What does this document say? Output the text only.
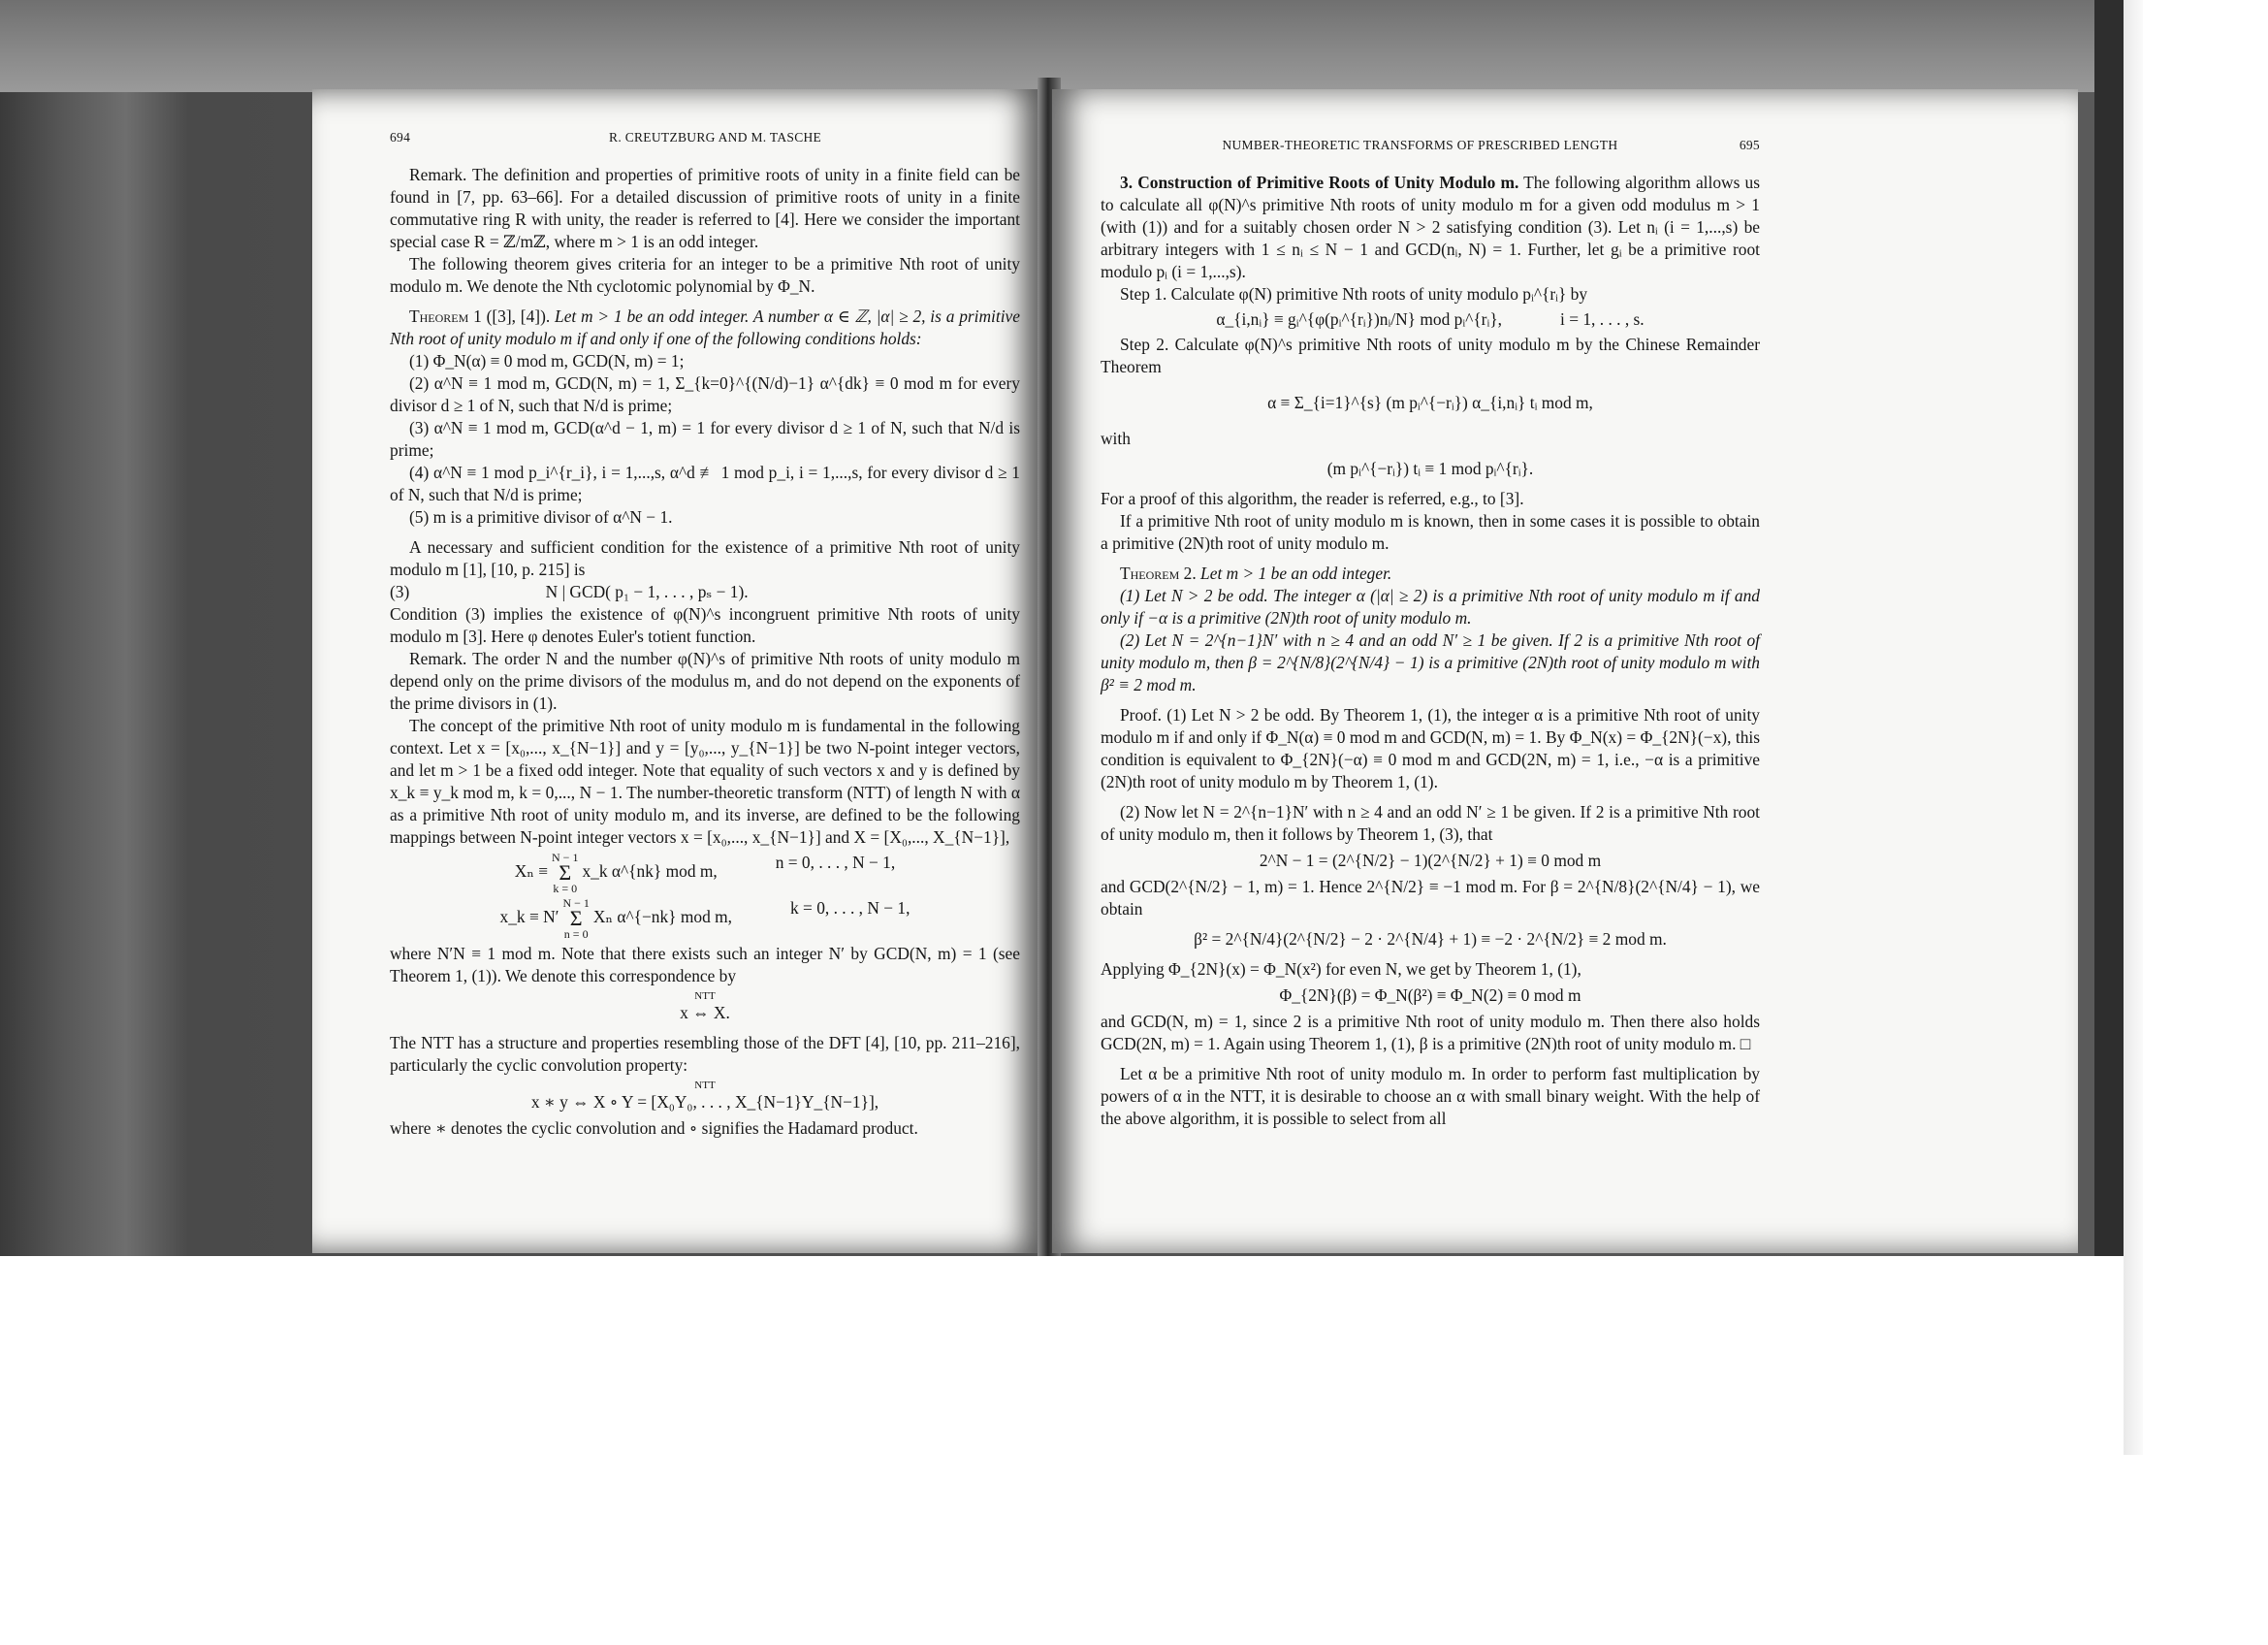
694	R. CREUTZBURG AND M. TASCHE

Remark. The definition and properties of primitive roots of unity in a finite field can be found in [7, pp. 63–66]. For a detailed discussion of primitive roots of unity in a finite commutative ring R with unity, the reader is referred to [4]. Here we consider the important special case R = ℤ/mℤ, where m > 1 is an odd integer.

The following theorem gives criteria for an integer to be a primitive Nth root of unity modulo m. We denote the Nth cyclotomic polynomial by Φ_N.

Theorem 1 ([3], [4]). Let m > 1 be an odd integer. A number α ∈ ℤ, |α| ≥ 2, is a primitive Nth root of unity modulo m if and only if one of the following conditions holds:

(1) Φ_N(α) ≡ 0 mod m, GCD(N, m) = 1;

(2) α^N ≡ 1 mod m, GCD(N, m) = 1, Σ_{k=0}^{(N/d)−1} α^{dk} ≡ 0 mod m for every divisor d ≥ 1 of N, such that N/d is prime;

(3) α^N ≡ 1 mod m, GCD(α^d − 1, m) = 1 for every divisor d ≥ 1 of N, such that N/d is prime;

(4) α^N ≡ 1 mod p_i^{r_i}, i = 1,...,s, α^d ≢ 1 mod p_i, i = 1,...,s, for every divisor d ≥ 1 of N, such that N/d is prime;

(5) m is a primitive divisor of α^N − 1.

A necessary and sufficient condition for the existence of a primitive Nth root of unity modulo m [1], [10, p. 215] is

(3)	N | GCD( p₁ − 1, . . . , pₛ − 1).

Condition (3) implies the existence of φ(N)^s incongruent primitive Nth roots of unity modulo m [3]. Here φ denotes Euler's totient function.

Remark. The order N and the number φ(N)^s of primitive Nth roots of unity modulo m depend only on the prime divisors of the modulus m, and do not depend on the exponents of the prime divisors in (1).

The concept of the primitive Nth root of unity modulo m is fundamental in the following context. Let x = [x₀,..., x_{N−1}] and y = [y₀,..., y_{N−1}] be two N-point integer vectors, and let m > 1 be a fixed odd integer. Note that equality of such vectors x and y is defined by x_k ≡ y_k mod m, k = 0,..., N − 1. The number-theoretic transform (NTT) of length N with α as a primitive Nth root of unity modulo m, and its inverse, are defined to be the following mappings between N-point integer vectors x = [x₀,..., x_{N−1}] and X = [X₀,..., X_{N−1}],

Xₙ ≡
N − 1
Σ
k = 0
x_k α^{nk} mod m,	n = 0, . . . , N − 1,
x_k ≡ N′
N − 1
Σ
n = 0
Xₙ α^{−nk} mod m,	k = 0, . . . , N − 1,

where N′N ≡ 1 mod m. Note that there exists such an integer N′ by GCD(N, m) = 1 (see Theorem 1, (1)). We denote this correspondence by

NTT
x ⇔ X.

The NTT has a structure and properties resembling those of the DFT [4], [10, pp. 211–216], particularly the cyclic convolution property:

NTT
x ∗ y ⇔ X ∘ Y = [X₀Y₀, . . . , X_{N−1}Y_{N−1}],

where ∗ denotes the cyclic convolution and ∘ signifies the Hadamard product.

NUMBER-THEORETIC TRANSFORMS OF PRESCRIBED LENGTH	695

3. Construction of Primitive Roots of Unity Modulo m. The following algorithm allows us to calculate all φ(N)^s primitive Nth roots of unity modulo m for a given odd modulus m > 1 (with (1)) and for a suitably chosen order N > 2 satisfying condition (3). Let nᵢ (i = 1,...,s) be arbitrary integers with 1 ≤ nᵢ ≤ N − 1 and GCD(nᵢ, N) = 1. Further, let gᵢ be a primitive root modulo pᵢ (i = 1,...,s).

Step 1. Calculate φ(N) primitive Nth roots of unity modulo pᵢ^{rᵢ} by

α_{i,nᵢ} ≡ gᵢ^{φ(pᵢ^{rᵢ})nᵢ/N} mod pᵢ^{rᵢ},	i = 1, . . . , s.

Step 2. Calculate φ(N)^s primitive Nth roots of unity modulo m by the Chinese Remainder Theorem

α ≡ Σ_{i=1}^{s} (m pᵢ^{−rᵢ}) α_{i,nᵢ} tᵢ mod m,

with

(m pᵢ^{−rᵢ}) tᵢ ≡ 1 mod pᵢ^{rᵢ}.

For a proof of this algorithm, the reader is referred, e.g., to [3].

If a primitive Nth root of unity modulo m is known, then in some cases it is possible to obtain a primitive (2N)th root of unity modulo m.

Theorem 2. Let m > 1 be an odd integer.

(1) Let N > 2 be odd. The integer α (|α| ≥ 2) is a primitive Nth root of unity modulo m if and only if −α is a primitive (2N)th root of unity modulo m.

(2) Let N = 2^{n−1}N′ with n ≥ 4 and an odd N′ ≥ 1 be given. If 2 is a primitive Nth root of unity modulo m, then β = 2^{N/8}(2^{N/4} − 1) is a primitive (2N)th root of unity modulo m with β² ≡ 2 mod m.

Proof. (1) Let N > 2 be odd. By Theorem 1, (1), the integer α is a primitive Nth root of unity modulo m if and only if Φ_N(α) ≡ 0 mod m and GCD(N, m) = 1. By Φ_N(x) = Φ_{2N}(−x), this condition is equivalent to Φ_{2N}(−α) ≡ 0 mod m and GCD(2N, m) = 1, i.e., −α is a primitive (2N)th root of unity modulo m by Theorem 1, (1).

(2) Now let N = 2^{n−1}N′ with n ≥ 4 and an odd N′ ≥ 1 be given. If 2 is a primitive Nth root of unity modulo m, then it follows by Theorem 1, (3), that

2^N − 1 = (2^{N/2} − 1)(2^{N/2} + 1) ≡ 0 mod m

and GCD(2^{N/2} − 1, m) = 1. Hence 2^{N/2} ≡ −1 mod m. For β = 2^{N/8}(2^{N/4} − 1), we obtain

β² = 2^{N/4}(2^{N/2} − 2 · 2^{N/4} + 1) ≡ −2 · 2^{N/2} ≡ 2 mod m.

Applying Φ_{2N}(x) = Φ_N(x²) for even N, we get by Theorem 1, (1),

Φ_{2N}(β) = Φ_N(β²) ≡ Φ_N(2) ≡ 0 mod m

and GCD(N, m) = 1, since 2 is a primitive Nth root of unity modulo m. Then there also holds GCD(2N, m) = 1. Again using Theorem 1, (1), β is a primitive (2N)th root of unity modulo m. □

Let α be a primitive Nth root of unity modulo m. In order to perform fast multiplication by powers of α in the NTT, it is desirable to choose an α with small binary weight. With the help of the above algorithm, it is possible to select from all
